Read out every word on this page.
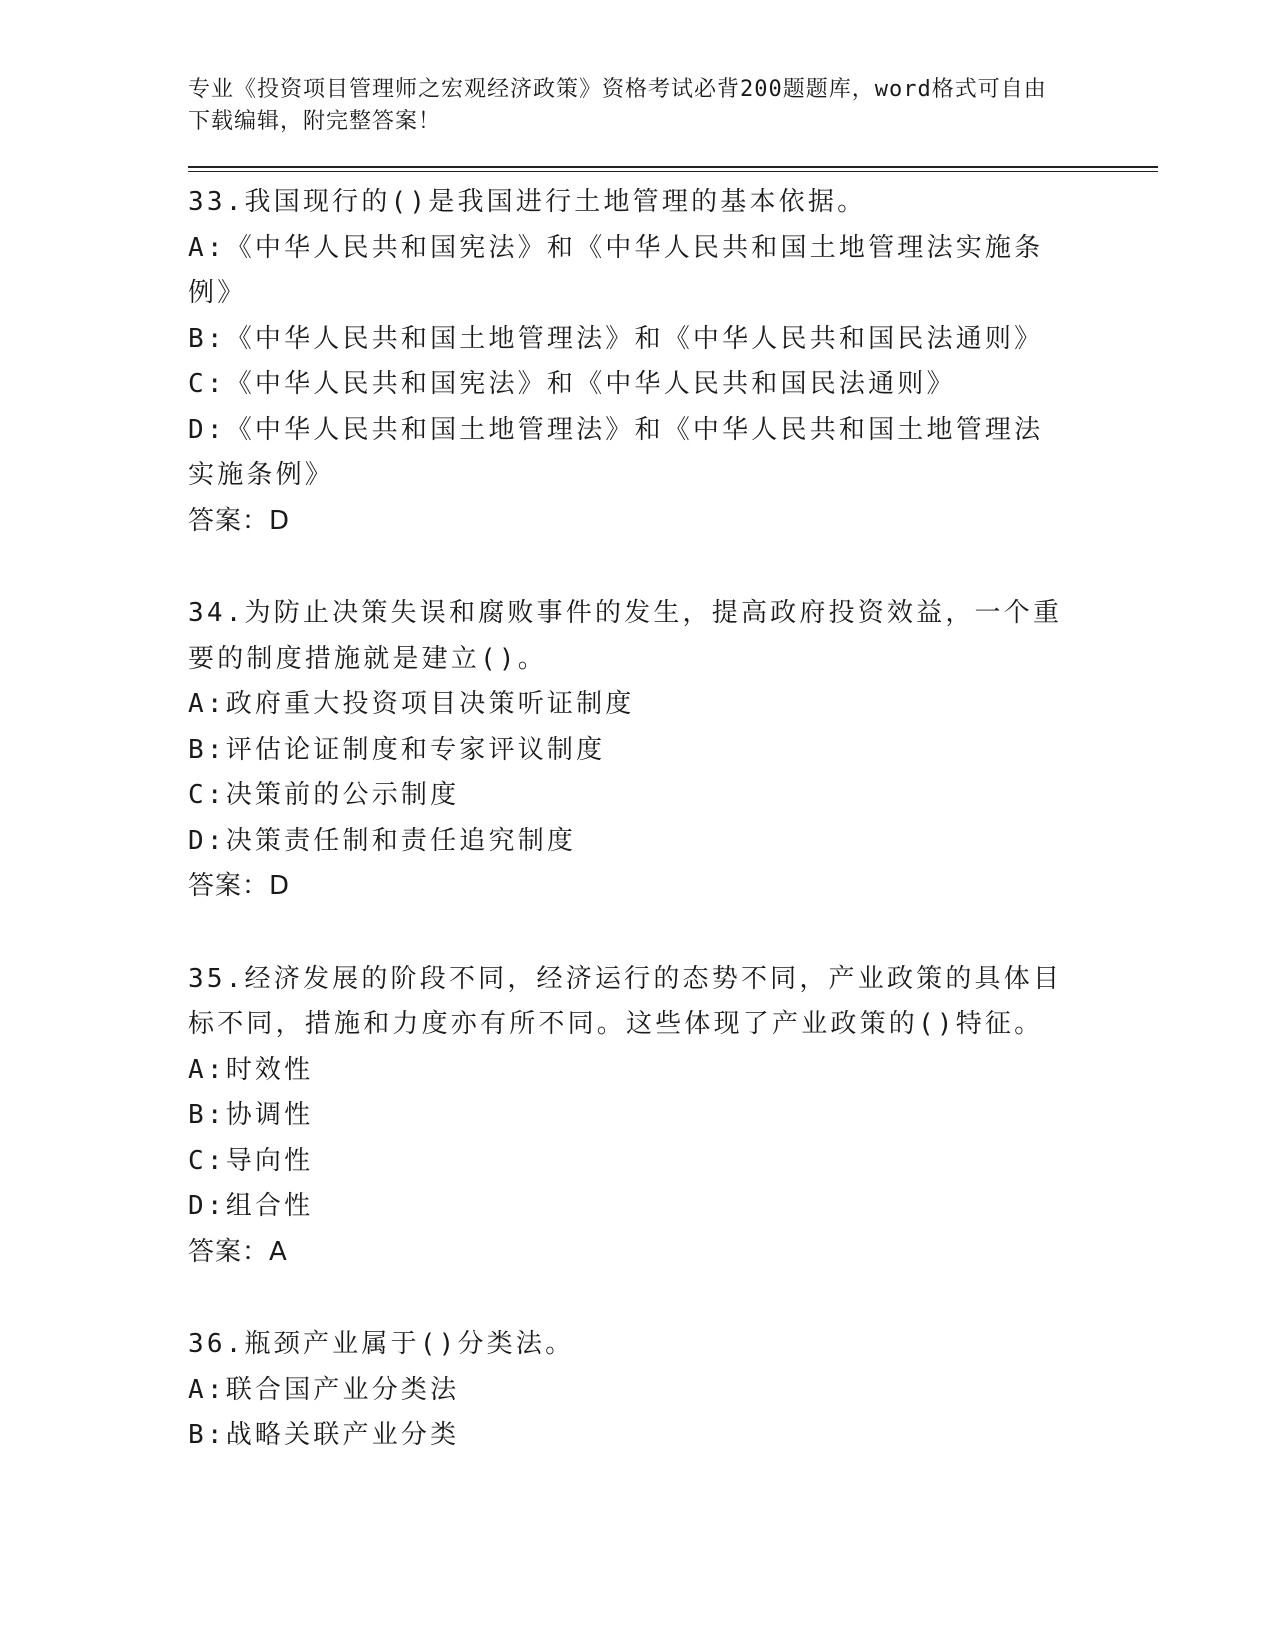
专业《投资项目管理师之宏观经济政策》资格考试必背200题题库，word格式可自由下载编辑，附完整答案！
33.我国现行的()是我国进行土地管理的基本依据。
A:《中华人民共和国宪法》和《中华人民共和国土地管理法实施条例》
B:《中华人民共和国土地管理法》和《中华人民共和国民法通则》
C:《中华人民共和国宪法》和《中华人民共和国民法通则》
D:《中华人民共和国土地管理法》和《中华人民共和国土地管理法实施条例》
答案：D
34.为防止决策失误和腐败事件的发生，提高政府投资效益，一个重要的制度措施就是建立()。
A:政府重大投资项目决策听证制度
B:评估论证制度和专家评议制度
C:决策前的公示制度
D:决策责任制和责任追究制度
答案：D
35.经济发展的阶段不同，经济运行的态势不同，产业政策的具体目标不同，措施和力度亦有所不同。这些体现了产业政策的()特征。
A:时效性
B:协调性
C:导向性
D:组合性
答案：A
36.瓶颈产业属于()分类法。
A:联合国产业分类法
B:战略关联产业分类
